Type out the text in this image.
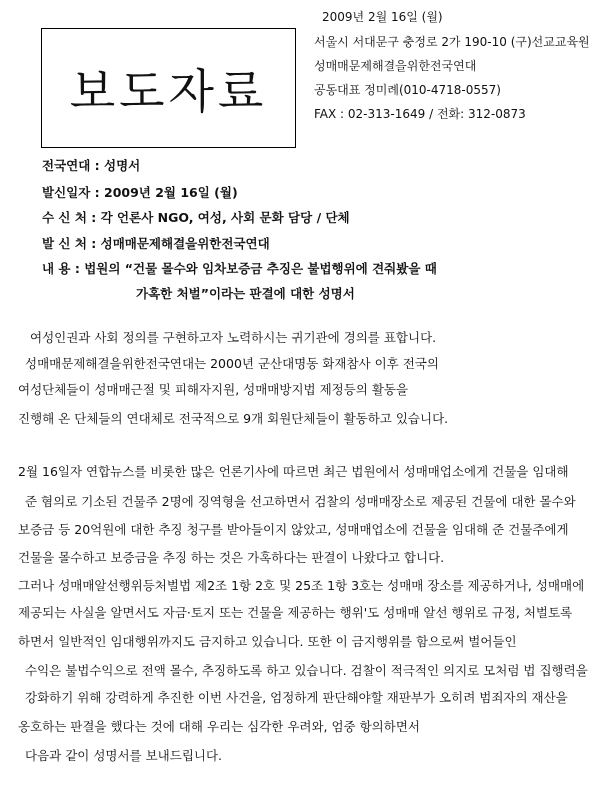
보도자료
2009년 2월 16일 (월)
서울시 서대문구 충정로 2가 190-10 (구)선교교육원
성매매문제해결을위한전국연대
공동대표 정미례(010-4718-0557)
FAX : 02-313-1649 / 전화: 312-0873
전국연대 : 성명서
발신일자 : 2009년 2월 16일 (월)
수 신 처 : 각 언론사 NGO, 여성, 사회 문화 담당 / 단체
발 신 처 : 성매매문제해결을위한전국연대
내 용 : 법원의 “건물 몰수와 임차보증금 추징은 불법행위에 견줘봤을 때
가혹한 처벌”이라는 판결에 대한 성명서
여성인권과 사회 정의를 구현하고자 노력하시는 귀기관에 경의를 표합니다.
성매매문제해결을위한전국연대는 2000년 군산대명동 화재참사 이후 전국의
여성단체들이 성매매근절 및 피해자지원, 성매매방지법 제정등의 활동을
진행해 온 단체들의 연대체로 전국적으로 9개 회원단체들이 활동하고 있습니다.
2월 16일자 연합뉴스를 비롯한 많은 언론기사에 따르면 최근 법원에서 성매매업소에게 건물을 임대해
준 혐의로 기소된 건물주 2명에 징역형을 선고하면서 검찰의 성매매장소로 제공된 건물에 대한 몰수와
보증금 등 20억원에 대한 추징 청구를 받아들이지 않았고, 성매매업소에 건물을 임대해 준 건물주에게
건물을 몰수하고 보증금을 추징 하는 것은 가혹하다는 판결이 나왔다고 합니다.
그러나 성매매알선행위등처벌법 제2조 1항 2호 및 25조 1항 3호는 성매매 장소를 제공하거나, 성매매에
제공되는 사실을 알면서도 자금·토지 또는 건물을 제공하는 행위'도 성매매 알선 행위로 규정, 처벌토록
하면서 일반적인 임대행위까지도 금지하고 있습니다. 또한 이 금지행위를 함으로써 벌어들인
수익은 불법수익으로 전액 몰수, 추징하도록 하고 있습니다. 검찰이 적극적인 의지로 모처럼 법 집행력을
강화하기 위해 강력하게 추진한 이번 사건을, 엄정하게 판단해야할 재판부가 오히려 범죄자의 재산을
옹호하는 판결을 했다는 것에 대해 우리는 심각한 우려와, 엄중 항의하면서
다음과 같이 성명서를 보내드립니다.
